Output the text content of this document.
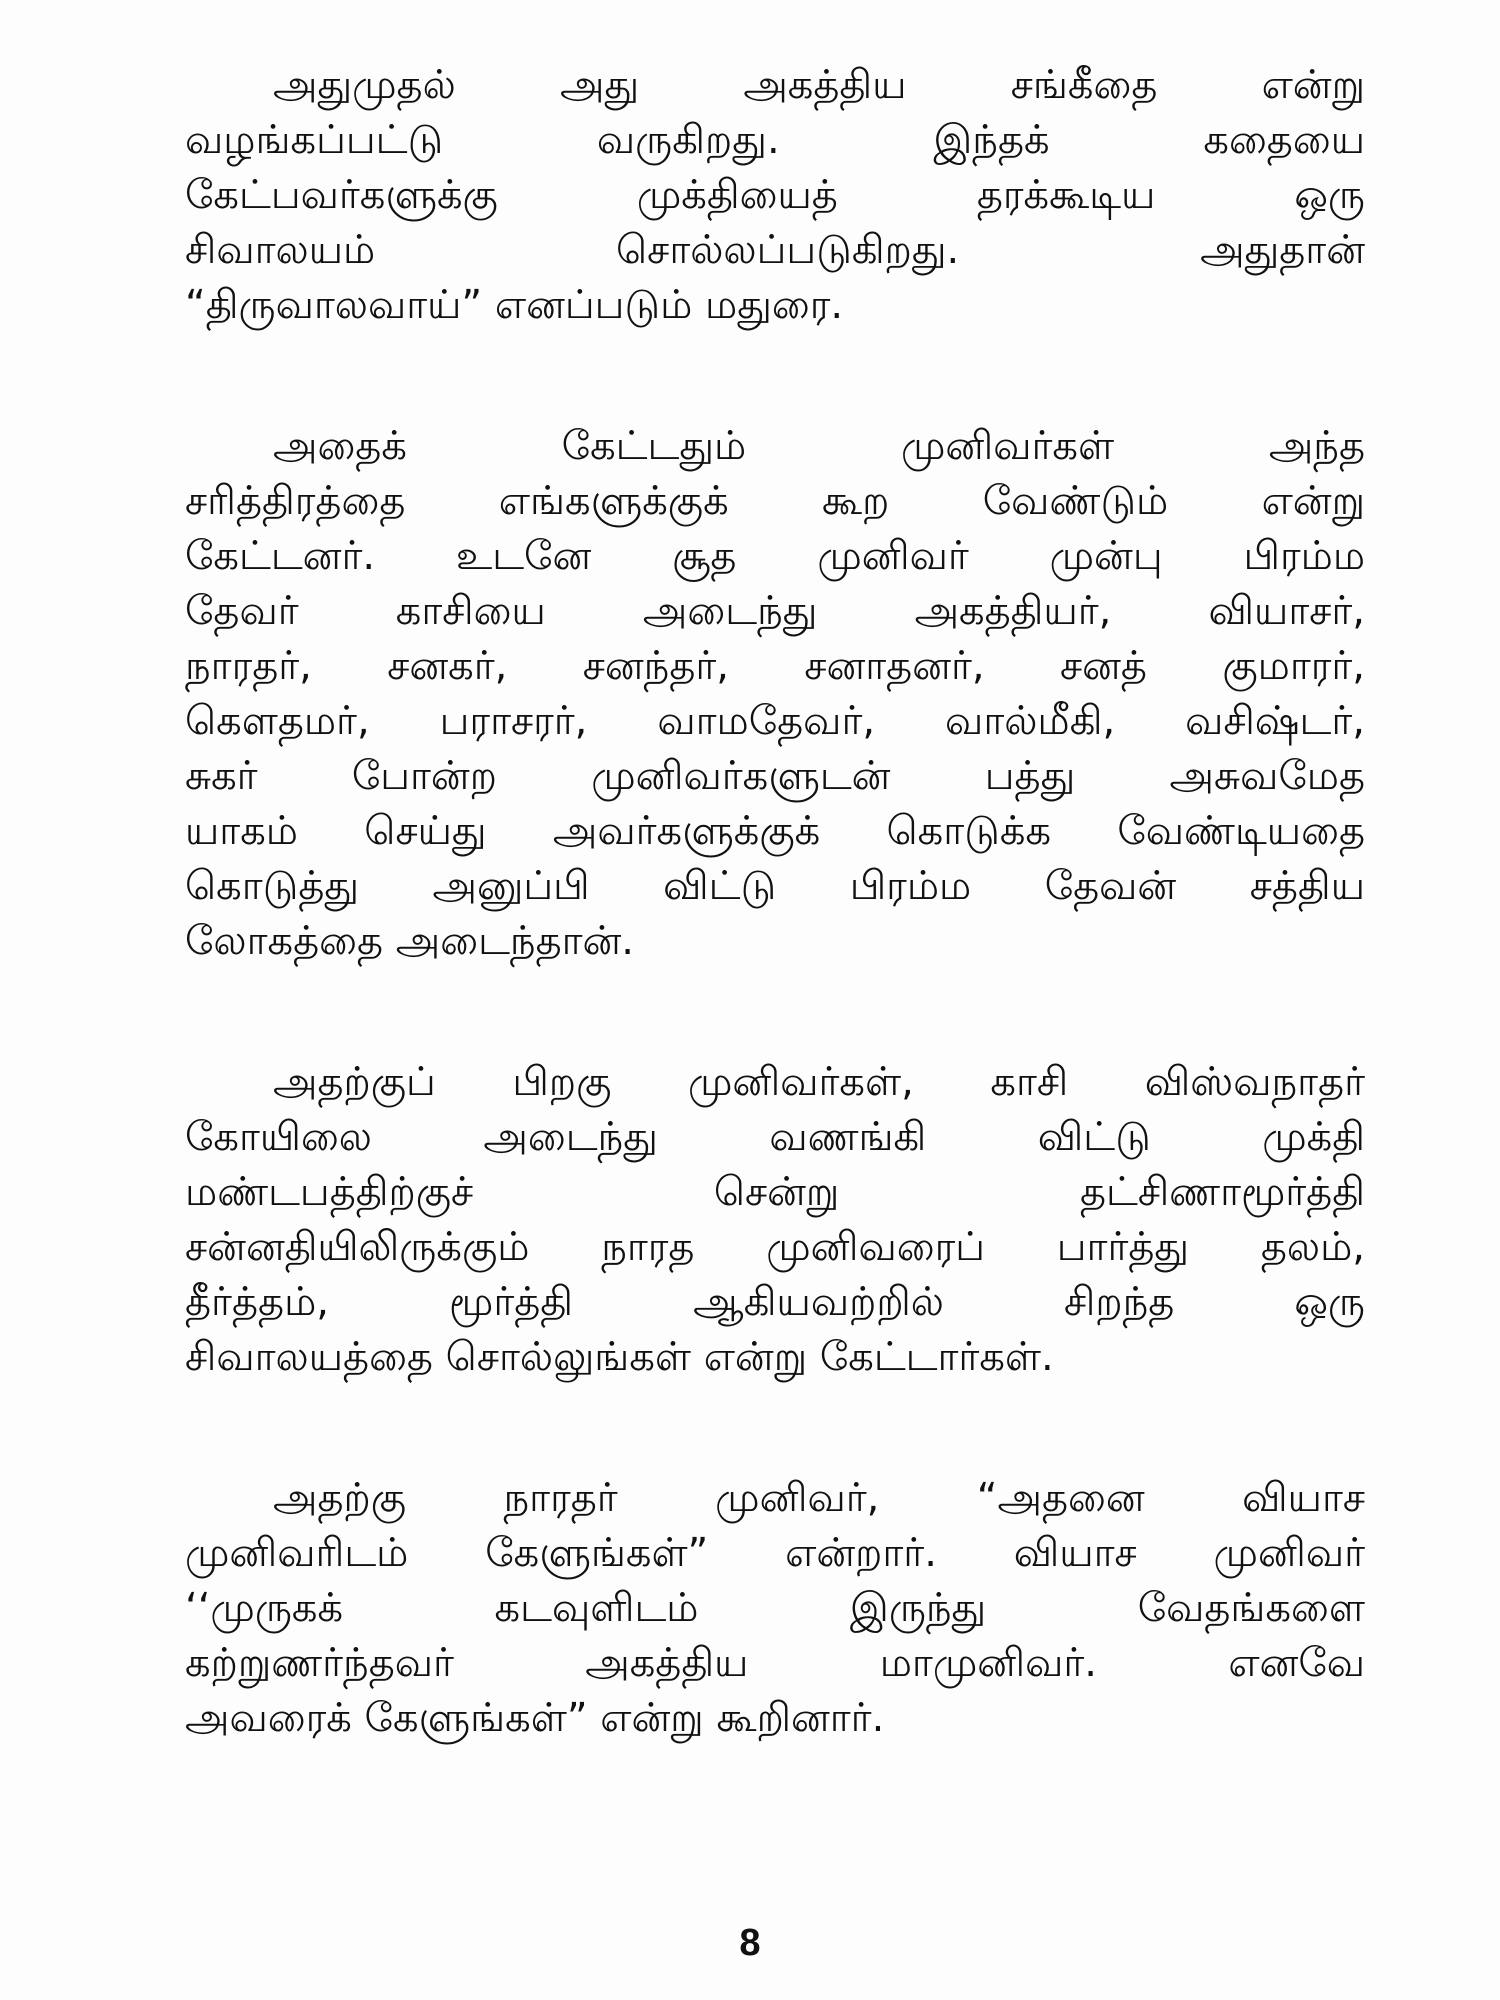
அதுமுதல் அது அகத்திய சங்கீதை என்று
வழங்கப்பட்டு வருகிறது. இந்தக் கதையை
கேட்பவர்களுக்கு முக்தியைத் தரக்கூடிய ஒரு
சிவாலயம் சொல்லப்படுகிறது. அதுதான்
“திருவாலவாய்” எனப்படும் மதுரை.
அதைக் கேட்டதும் முனிவர்கள் அந்த
சரித்திரத்தை எங்களுக்குக் கூற வேண்டும் என்று
கேட்டனர். உடனே சூத முனிவர் முன்பு பிரம்ம
தேவர் காசியை அடைந்து அகத்தியர், வியாசர்,
நாரதர், சனகர், சனந்தர், சனாதனர், சனத் குமாரர்,
கௌதமர், பராசரர், வாமதேவர், வால்மீகி, வசிஷ்டர்,
சுகர் போன்ற முனிவர்களுடன் பத்து அசுவமேத
யாகம் செய்து அவர்களுக்குக் கொடுக்க வேண்டியதை
கொடுத்து அனுப்பி விட்டு பிரம்ம தேவன் சத்திய
லோகத்தை அடைந்தான்.
அதற்குப் பிறகு முனிவர்கள், காசி விஸ்வநாதர்
கோயிலை அடைந்து வணங்கி விட்டு முக்தி
மண்டபத்திற்குச் சென்று தட்சிணாமூர்த்தி
சன்னதியிலிருக்கும் நாரத முனிவரைப் பார்த்து தலம்,
தீர்த்தம், மூர்த்தி ஆகியவற்றில் சிறந்த ஒரு
சிவாலயத்தை சொல்லுங்கள் என்று கேட்டார்கள்.
அதற்கு நாரதர் முனிவர், “அதனை வியாச
முனிவரிடம் கேளுங்கள்” என்றார். வியாச முனிவர்
‘‘முருகக் கடவுளிடம் இருந்து வேதங்களை
கற்றுணர்ந்தவர் அகத்திய மாமுனிவர். எனவே
அவரைக் கேளுங்கள்” என்று கூறினார்.
8
